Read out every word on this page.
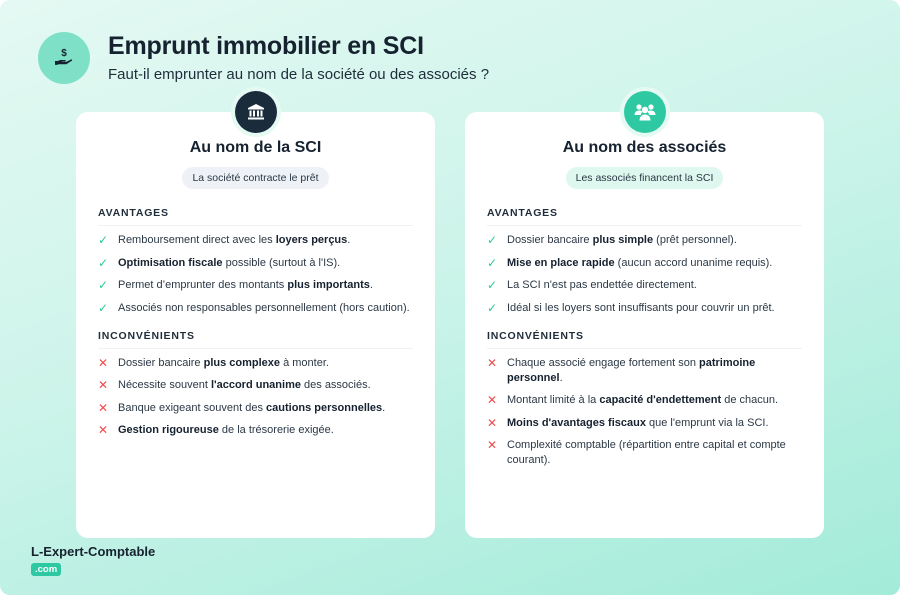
$ Emprunt immobilier en SCI
Faut-il emprunter au nom de la société ou des associés ?
Au nom de la SCI
La société contracte le prêt
AVANTAGES
✓ Remboursement direct avec les loyers perçus.
✓ Optimisation fiscale possible (surtout à l'IS).
✓ Permet d’emprunter des montants plus importants.
✓ Associés non responsables personnellement (hors caution).
INCONVÉNIENTS
✕ Dossier bancaire plus complexe à monter.
✕ Nécessite souvent l'accord unanime des associés.
✕ Banque exigeant souvent des cautions personnelles.
✕ Gestion rigoureuse de la trésorerie exigée.
Au nom des associés
Les associés financent la SCI
AVANTAGES
✓ Dossier bancaire plus simple (prêt personnel).
✓ Mise en place rapide (aucun accord unanime requis).
✓ La SCI n'est pas endettée directement.
✓ Idéal si les loyers sont insuffisants pour couvrir un prêt.
INCONVÉNIENTS
✕ Chaque associé engage fortement son patrimoine personnel.
✕ Montant limité à la capacité d'endettement de chacun.
✕ Moins d'avantages fiscaux que l'emprunt via la SCI.
✕ Complexité comptable (répartition entre capital et compte courant).
L-Expert-Comptable
.com
